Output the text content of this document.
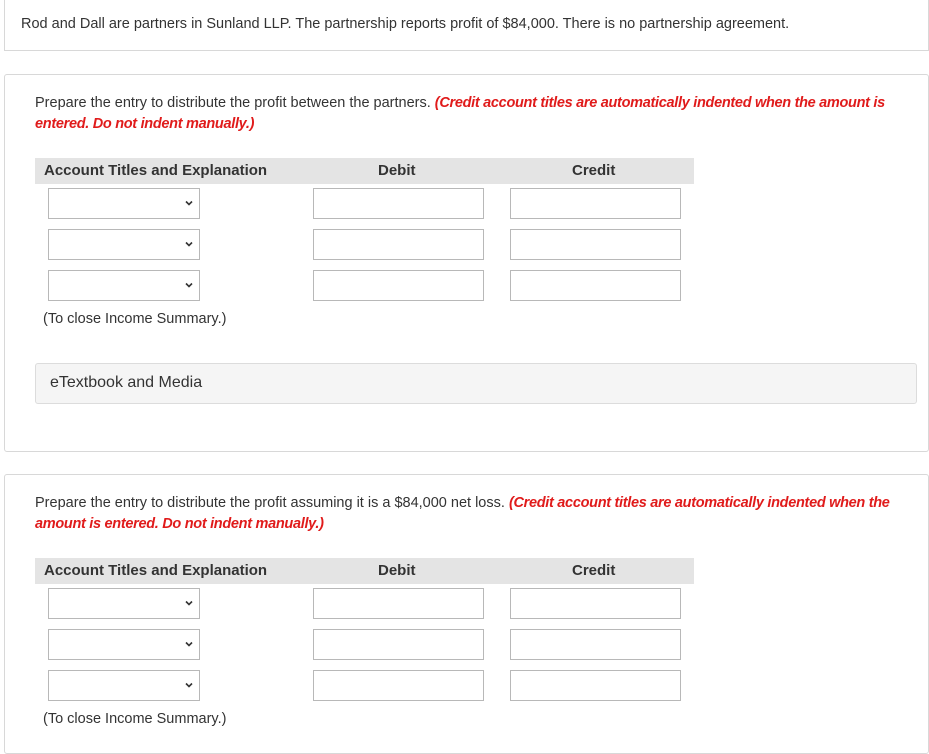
Rod and Dall are partners in Sunland LLP. The partnership reports profit of $84,000. There is no partnership agreement.
Prepare the entry to distribute the profit between the partners. (Credit account titles are automatically indented when the amount is entered. Do not indent manually.)
Account Titles and Explanation	Debit	Credit
(To close Income Summary.)
eTextbook and Media
Prepare the entry to distribute the profit assuming it is a $84,000 net loss. (Credit account titles are automatically indented when the amount is entered. Do not indent manually.)
Account Titles and Explanation	Debit	Credit
(To close Income Summary.)
